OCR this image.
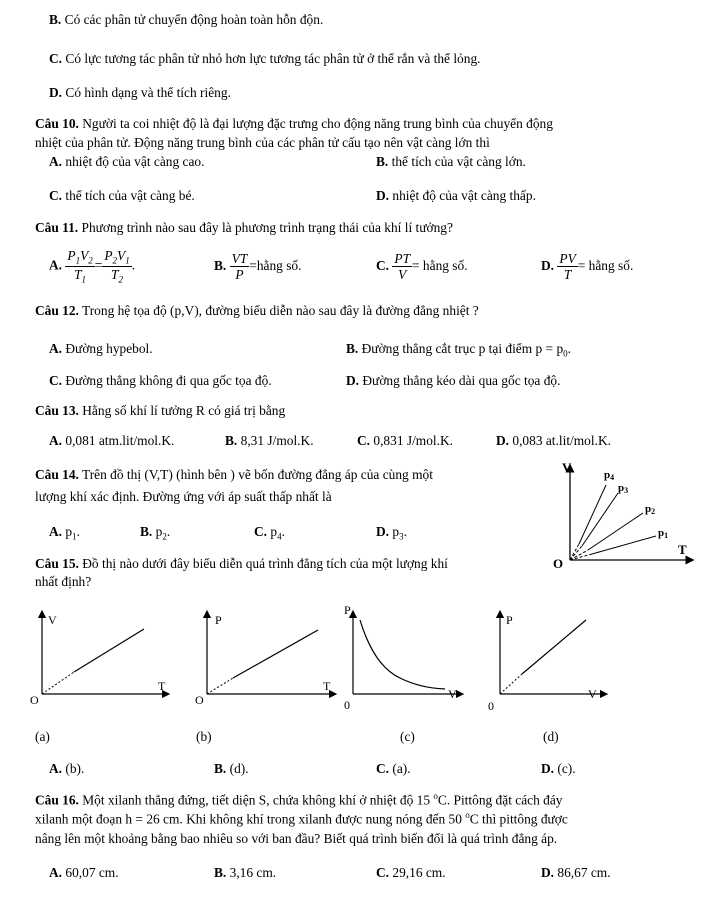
B. Có các phân tử chuyển động hoàn toàn hỗn độn.
C. Có lực tương tác phân tử nhỏ hơn lực tương tác phân tử ở thể rắn và thể lỏng.
D. Có hình dạng và thể tích riêng.
Câu 10. Người ta coi nhiệt độ là đại lượng đặc trưng cho động năng trung bình của chuyển động
nhiệt của phân tử. Động năng trung bình của các phân tử cấu tạo nên vật càng lớn thì
A. nhiệt độ của vật càng cao.	B. thể tích của vật càng lớn.
C. thể tích của vật càng bé.	D. nhiệt độ của vật càng thấp.
Câu 11. Phương trình nào sau đây là phương trình trạng thái của khí lí tưởng?
A. $\frac{P_1V_2}{T_1} = \frac{P_2V_1}{T_2}$ .	B. $\frac{VT}{P}$ =hằng số.	C. $\frac{PT}{V}$ = hằng số.	D. $\frac{PV}{T}$ = hằng số.
Câu 12. Trong hệ tọa độ (p,V), đường biểu diễn nào sau đây là đường đẳng nhiệt ?
A. Đường hypebol.	B. Đường thẳng cắt trục p tại điểm $p = p_0$.
C. Đường thẳng không đi qua gốc tọa độ.	D. Đường thẳng kéo dài qua gốc tọa độ.
Câu 13. Hằng số khí lí tưởng R có giá trị bằng
A. 0,081 atm.lit/mol.K.	B. 8,31 J/mol.K.	C. 0,831 J/mol.K.	D. 0,083 at.lit/mol.K.
Câu 14. Trên đồ thị (V,T) (hình bên ) vẽ bốn đường đẳng áp của cùng một
lượng khí xác định. Đường ứng với áp suất thấp nhất là
A. $p_1$.	B. $p_2$.	C. $p_4$.	D. $p_3$.
V
T
O
p4
p3
p2
p1
Câu 15. Đồ thị nào dưới đây biểu diễn quá trình đẳng tích của một lượng khí
nhất định?
V
T
O
P
T
O
P
V
0
P
V
0
(a)	(b)	(c)	(d)
A. (b).	B. (d).	C. (a).	D. (c).
Câu 16. Một xilanh thẳng đứng, tiết diện S, chứa không khí ở nhiệt độ 15 $^o$C. Pittông đặt cách đáy
xilanh một đoạn h = 26 cm. Khi không khí trong xilanh được nung nóng đến 50 $^o$C thì pittông được
nâng lên một khoảng bằng bao nhiêu so với ban đầu? Biết quá trình biến đổi là quá trình đẳng áp.
A. 60,07 cm.	B. 3,16 cm.	C. 29,16 cm.	D. 86,67 cm.
